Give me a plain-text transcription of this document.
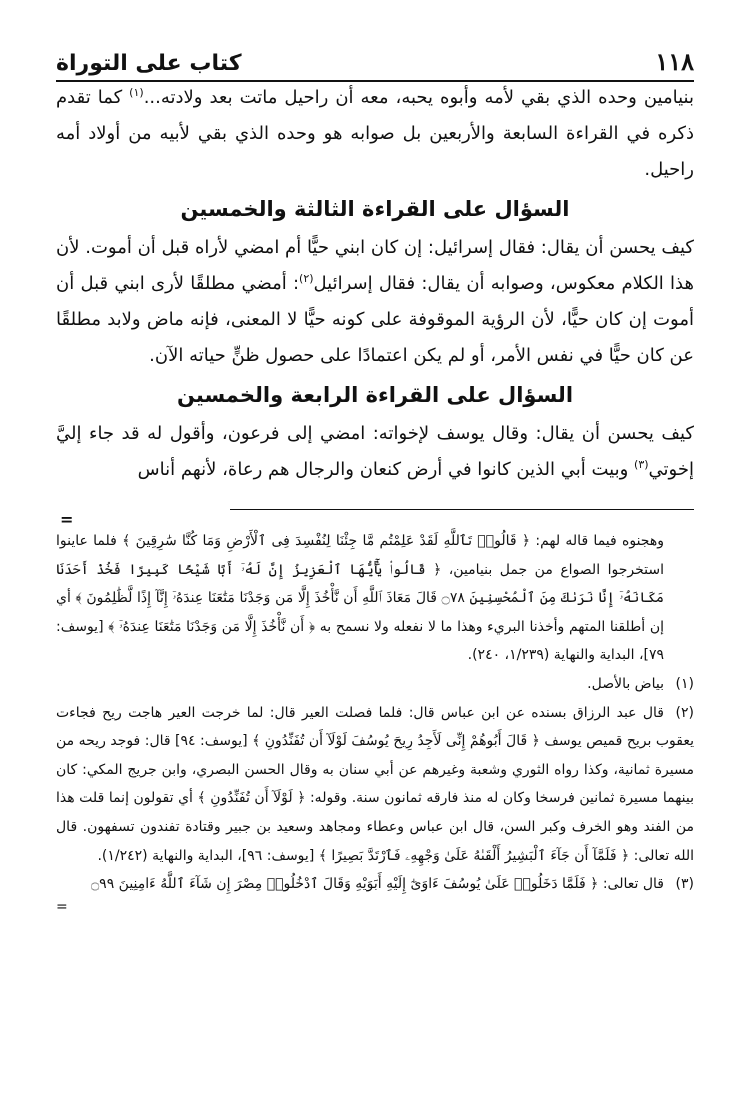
١١٨
كتاب على التوراة

بنيامين وحده الذي بقي لأمه وأبوه يحبه، معه أن راحيل ماتت بعد ولادته...$^{(١)}$ كما تقدم ذكره في القراءة السابعة والأربعين بل صوابه هو وحده الذي بقي لأبيه من أولاد أمه راحيل.

السؤال على القراءة الثالثة والخمسين

كيف يحسن أن يقال: فقال إسرائيل: إن كان ابني حيًّا أم امضي لأراه قبل أن أموت. لأن هذا الكلام معكوس، وصوابه أن يقال: فقال إسرائيل$^{(٢)}$: أمضي مطلقًا لأرى ابني قبل أن أموت إن كان حيًّا، لأن الرؤية الموقوفة على كونه حيًّا لا المعنى، فإنه ماض ولابد مطلقًا عن كان حيًّا في نفس الأمر، أو لم يكن اعتمادًا على حصول ظنٍّ حياته الآن.

السؤال على القراءة الرابعة والخمسين

كيف يحسن أن يقال: وقال يوسف لإخواته: امضي إلى فرعون، وأقول له قد جاء إليَّ إخوتي$^{(٣)}$ وبيت أبي الذين كانوا في أرض كنعان والرجال هم رعاة، لأنهم أناس

=

وهجنوه فيما قاله لهم: ﴿ قَالُوا۟ تَٱللَّهِ لَقَدْ عَلِمْتُم مَّا جِئْنَا لِنُفْسِدَ فِى ٱلْأَرْضِ وَمَا كُنَّا سَٰرِقِينَ ﴾ فلما عاينوا استخرجوا الصواع من جمل بنيامين، ﴿ قَالُوا۟ يَٰٓأَيُّهَا ٱلْعَزِيزُ إِنَّ لَهُۥٓ أَبًا شَيْخًا كَبِيرًا فَخُذْ أَحَدَنَا مَكَانَهُۥٓ إِنَّا نَرَىٰكَ مِنَ ٱلْمُحْسِنِينَ ۝٧٨ قَالَ مَعَاذَ ٱللَّهِ أَن نَّأْخُذَ إِلَّا مَن وَجَدْنَا مَتَٰعَنَا عِندَهُۥٓ إِنَّآ إِذًا لَّظَٰلِمُونَ ﴾ أي إن أطلقنا المتهم وأخذنا البريء وهذا ما لا نفعله ولا نسمح به ﴿ أَن نَّأْخُذَ إِلَّا مَن وَجَدْنَا مَتَٰعَنَا عِندَهُۥٓ ﴾ [يوسف: ٧٩]، البداية والنهاية (١/٢٣٩، ٢٤٠).

(١)بياض بالأصل.

(٢)قال عبد الرزاق بسنده عن ابن عباس قال: فلما فصلت العير قال: لما خرجت العير هاجت ريح فجاءت يعقوب بريح قميص يوسف ﴿ قَالَ أَبُوهُمْ إِنِّى لَأَجِدُ رِيحَ يُوسُفَ لَوْلَآ أَن تُفَنِّدُونِ ﴾ [يوسف: ٩٤] قال: فوجد ريحه من مسيرة ثمانية، وكذا رواه الثوري وشعبة وغيرهم عن أبي سنان به وقال الحسن البصري، وابن جريج المكي: كان بينهما مسيرة ثمانين فرسخا وكان له منذ فارقه ثمانون سنة. وقوله: ﴿ لَوْلَآ أَن تُفَنِّدُونِ ﴾ أي تقولون إنما قلت هذا من الفند وهو الخرف وكبر السن، قال ابن عباس وعطاء ومجاهد وسعيد بن جبير وقتادة تفندون تسفهون. قال الله تعالى: ﴿ فَلَمَّآ أَن جَآءَ ٱلْبَشِيرُ أَلْقَىٰهُ عَلَىٰ وَجْهِهِۦ فَٱرْتَدَّ بَصِيرًا ﴾ [يوسف: ٩٦]، البداية والنهاية (١/٢٤٢).

(٣)قال تعالى: ﴿ فَلَمَّا دَخَلُوا۟ عَلَىٰ يُوسُفَ ءَاوَىٰٓ إِلَيْهِ أَبَوَيْهِ وَقَالَ ٱدْخُلُوا۟ مِصْرَ إِن شَآءَ ٱللَّهُ ءَامِنِينَ ۝٩٩

=
